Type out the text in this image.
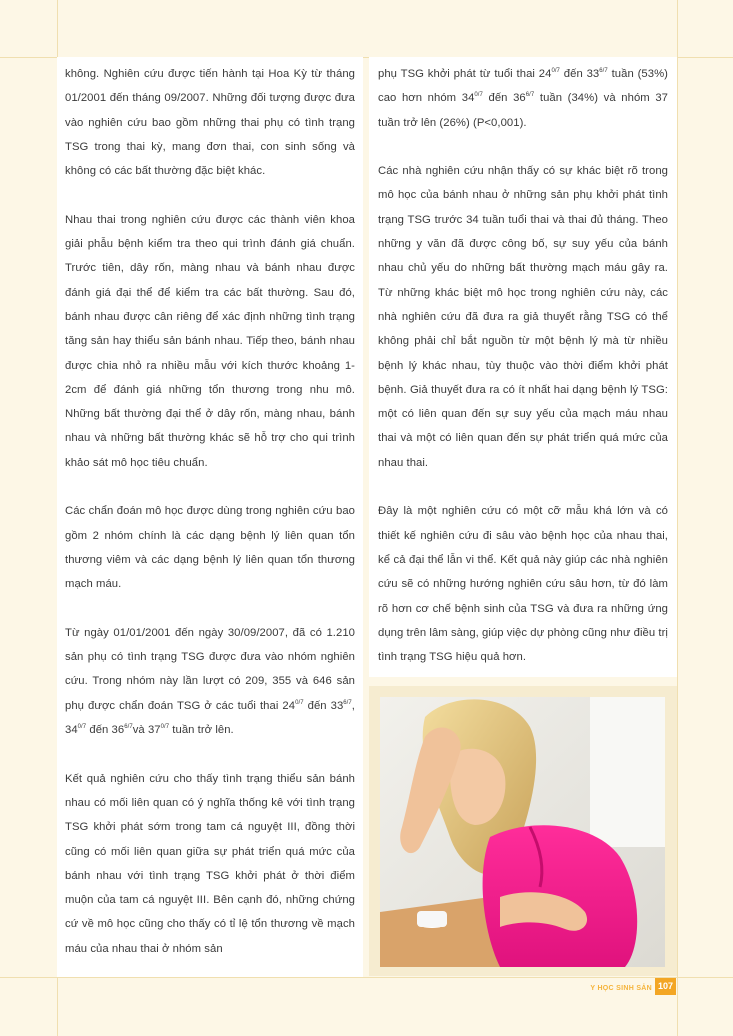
không. Nghiên cứu được tiến hành tại Hoa Kỳ từ tháng 01/2001 đến tháng 09/2007. Những đối tượng được đưa vào nghiên cứu bao gồm những thai phụ có tình trạng TSG trong thai kỳ, mang đơn thai, con sinh sống và không có các bất thường đặc biệt khác.

Nhau thai trong nghiên cứu được các thành viên khoa giải phẫu bệnh kiểm tra theo qui trình đánh giá chuẩn. Trước tiên, dây rốn, màng nhau và bánh nhau được đánh giá đại thể để kiểm tra các bất thường. Sau đó, bánh nhau được cân riêng để xác định những tình trạng tăng sản hay thiểu sản bánh nhau. Tiếp theo, bánh nhau được chia nhỏ ra nhiều mẫu với kích thước khoảng 1-2cm để đánh giá những tổn thương trong nhu mô. Những bất thường đại thể ở dây rốn, màng nhau, bánh nhau và những bất thường khác sẽ hỗ trợ cho qui trình khảo sát mô học tiêu chuẩn.

Các chẩn đoán mô học được dùng trong nghiên cứu bao gồm 2 nhóm chính là các dạng bệnh lý liên quan tổn thương viêm và các dạng bệnh lý liên quan tổn thương mạch máu.

Từ ngày 01/01/2001 đến ngày 30/09/2007, đã có 1.210 sản phụ có tình trạng TSG được đưa vào nhóm nghiên cứu. Trong nhóm này lần lượt có 209, 355 và 646 sản phụ được chẩn đoán TSG ở các tuổi thai $24^{0/7}$ đến $33^{6/7}$, $34^{0/7}$ đến $36^{6/7}và$ $37^{0/7}$ tuần trở lên.

Kết quả nghiên cứu cho thấy tình trạng thiểu sản bánh nhau có mối liên quan có ý nghĩa thống kê với tình trạng TSG khởi phát sớm trong tam cá nguyệt III, đồng thời cũng có mối liên quan giữa sự phát triển quá mức của bánh nhau với tình trạng TSG khởi phát ở thời điểm muộn của tam cá nguyệt III. Bên cạnh đó, những chứng cứ về mô học cũng cho thấy có tỉ lệ tổn thương về mạch máu của nhau thai ở nhóm sản

phụ TSG khởi phát từ tuổi thai $24^{0/7}$ đến $33^{6/7}$ tuần (53%) cao hơn nhóm $34^{0/7}$ đến $36^{6/7}$ tuần (34%) và nhóm 37 tuần trở lên (26%) (P<0,001).

Các nhà nghiên cứu nhận thấy có sự khác biệt rõ trong mô học của bánh nhau ở những sản phụ khởi phát tình trạng TSG trước 34 tuần tuổi thai và thai đủ tháng. Theo những y văn đã được công bố, sự suy yếu của bánh nhau chủ yếu do những bất thường mạch máu gây ra. Từ những khác biệt mô học trong nghiên cứu này, các nhà nghiên cứu đã đưa ra giả thuyết rằng TSG có thể không phải chỉ bắt nguồn từ một bệnh lý mà từ nhiều bệnh lý khác nhau, tùy thuộc vào thời điểm khởi phát bệnh. Giả thuyết đưa ra có ít nhất hai dạng bệnh lý TSG: một có liên quan đến sự suy yếu của mạch máu nhau thai và một có liên quan đến sự phát triển quá mức của nhau thai.

Đây là một nghiên cứu có một cỡ mẫu khá lớn và có thiết kế nghiên cứu đi sâu vào bệnh học của nhau thai, kể cả đại thể lẫn vi thể. Kết quả này giúp các nhà nghiên cứu sẽ có những hướng nghiên cứu sâu hơn, từ đó làm rõ hơn cơ chế bệnh sinh của TSG và đưa ra những ứng dụng trên lâm sàng, giúp việc dự phòng cũng như điều trị tình trạng TSG hiệu quả hơn.

Y HỌC SINH SẢN 107
